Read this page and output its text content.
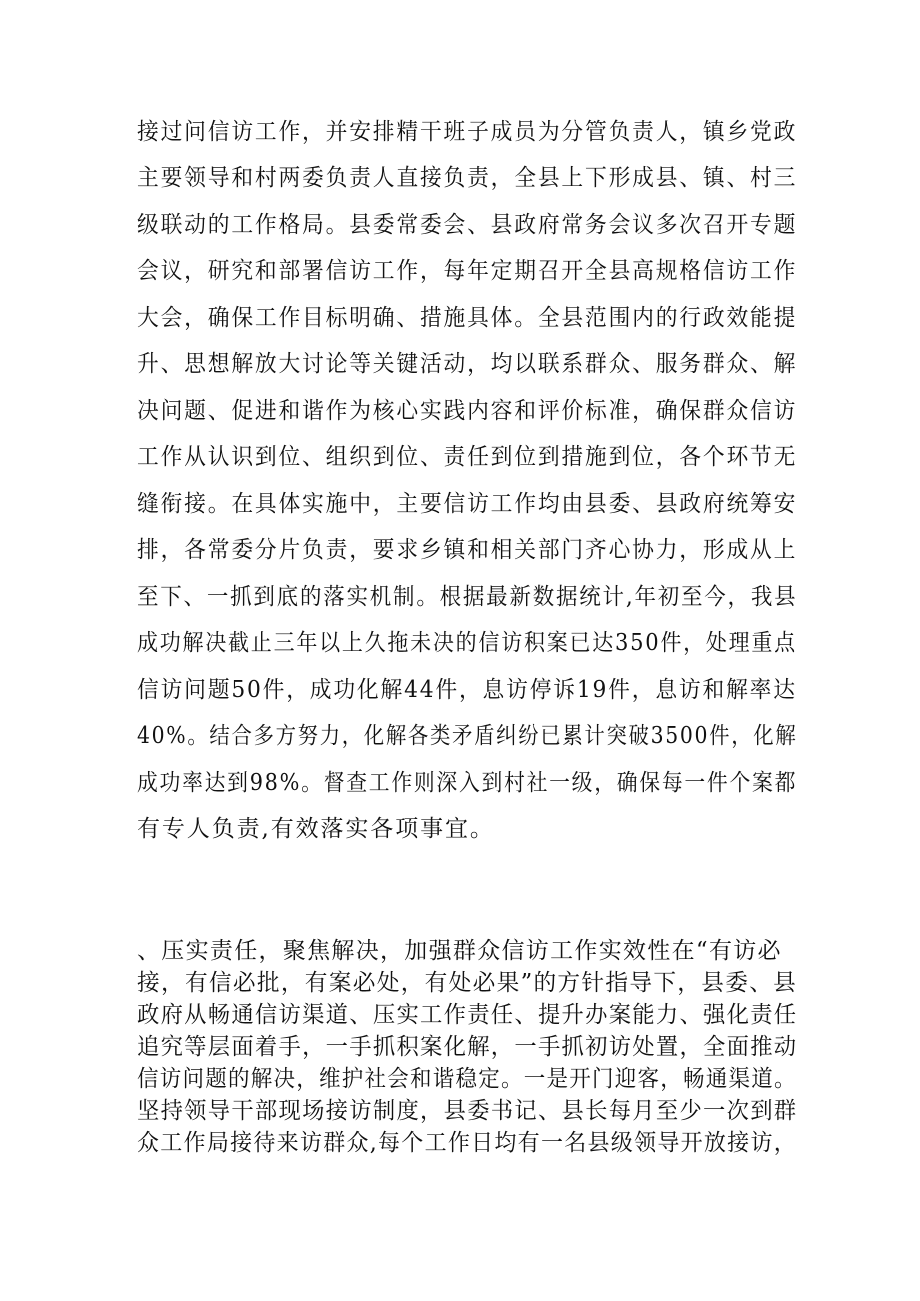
接过问信访工作，并安排精干班子成员为分管负责人，镇乡党政
主要领导和村两委负责人直接负责，全县上下形成县、镇、村三
级联动的工作格局。县委常委会、县政府常务会议多次召开专题
会议，研究和部署信访工作，每年定期召开全县高规格信访工作
大会，确保工作目标明确、措施具体。全县范围内的行政效能提
升、思想解放大讨论等关键活动，均以联系群众、服务群众、解
决问题、促进和谐作为核心实践内容和评价标准，确保群众信访
工作从认识到位、组织到位、责任到位到措施到位，各个环节无
缝衔接。在具体实施中，主要信访工作均由县委、县政府统筹安
排，各常委分片负责，要求乡镇和相关部门齐心协力，形成从上
至下、一抓到底的落实机制。根据最新数据统计,年初至今，我县
成功解决截止三年以上久拖未决的信访积案已达350件，处理重点
信访问题50件，成功化解44件，息访停诉19件，息访和解率达
40%。结合多方努力，化解各类矛盾纠纷已累计突破3500件，化解
成功率达到98%。督查工作则深入到村社一级，确保每一件个案都
有专人负责,有效落实各项事宜。
、压实责任，聚焦解决，加强群众信访工作实效性在“有访必
接，有信必批，有案必处，有处必果”的方针指导下，县委、县
政府从畅通信访渠道、压实工作责任、提升办案能力、强化责任
追究等层面着手，一手抓积案化解，一手抓初访处置，全面推动
信访问题的解决，维护社会和谐稳定。一是开门迎客，畅通渠道。
坚持领导干部现场接访制度，县委书记、县长每月至少一次到群
众工作局接待来访群众,每个工作日均有一名县级领导开放接访，
